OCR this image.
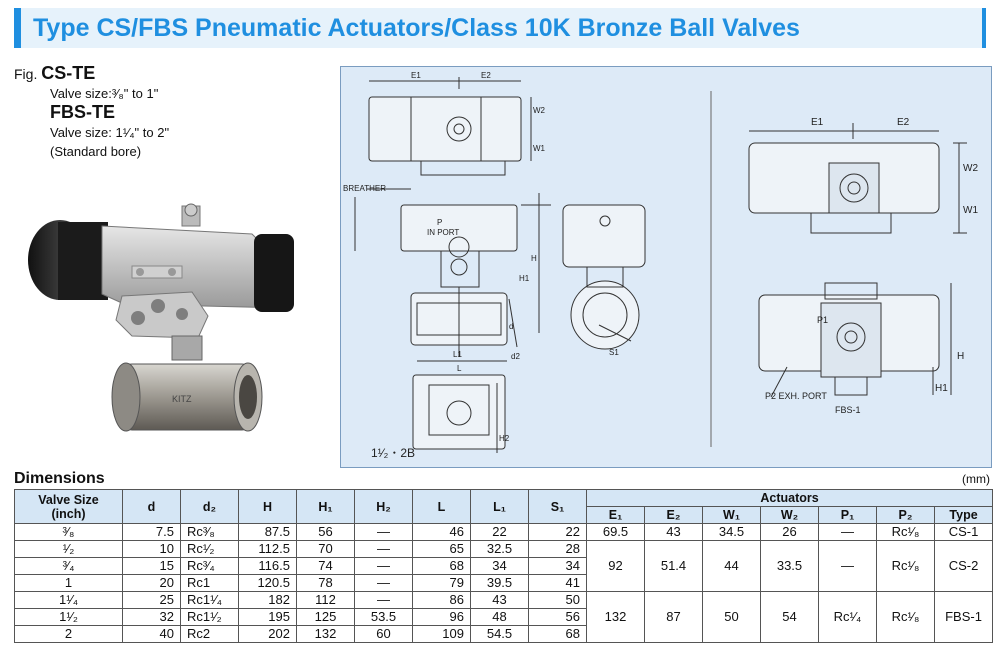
Type CS/FBS Pneumatic Actuators/Class 10K Bronze Ball Valves
Fig. CS-TE
Valve size:³⁄₈" to 1"
FBS-TE
Valve size: 1¹⁄₄" to 2"
(Standard bore)
KITZ
E1	E2
W2
W1
BREATHER
P
IN PORT
H
H1
d
d2
L1
L
H2
S1
E1	E2
W2
W1
P1
H
H1
P2 EXH. PORT
FBS-1
1¹⁄₂・2B
Dimensions	(mm)
Valve Size
(inch)	d	d₂	H	H₁	H₂	L	L₁	S₁	Actuators						
									E₁	E₂	W₁	W₂	P₁	P₂	Type
³⁄₈	7.5	Rc³⁄₈	87.5	56	—	46	22	22	69.5	43	34.5	26	—	Rc¹⁄₈	CS-1
¹⁄₂	10	Rc¹⁄₂	112.5	70	—	65	32.5	28	92	51.4	44	33.5	—	Rc¹⁄₈	CS-2
³⁄₄	15	Rc³⁄₄	116.5	74	—	68	34	34							
1	20	Rc1	120.5	78	—	79	39.5	41							
1¹⁄₄	25	Rc1¹⁄₄	182	112	—	86	43	50	132	87	50	54	Rc¹⁄₄	Rc¹⁄₈	FBS-1
1¹⁄₂	32	Rc1¹⁄₂	195	125	53.5	96	48	56							
2	40	Rc2	202	132	60	109	54.5	68							
